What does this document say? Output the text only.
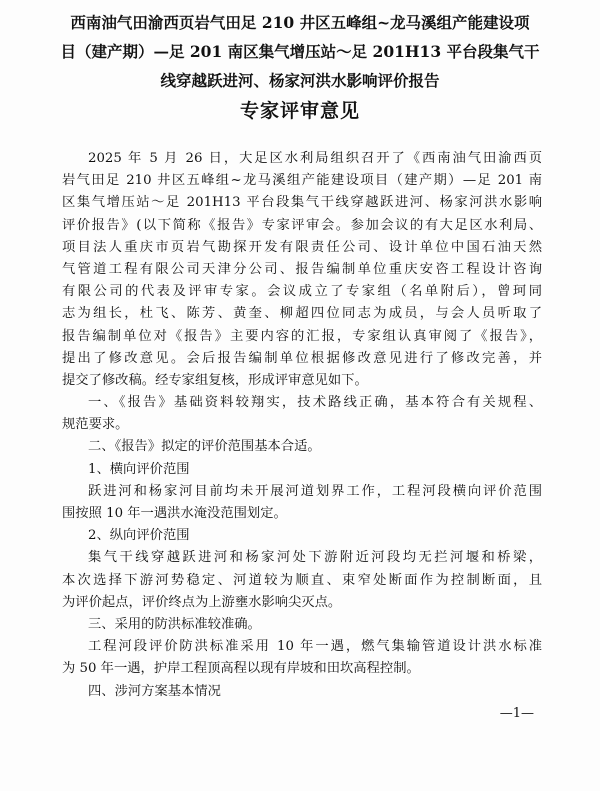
西南油气田渝西页岩气田足 210 井区五峰组~龙马溪组产能建设项
目（建产期）—足 201 南区集气增压站～足 201H13 平台段集气干
线穿越跃进河、杨家河洪水影响评价报告
专家评审意见
2025 年 5 月 26 日，大足区水利局组织召开了《西南油气田渝西页
岩气田足 210 井区五峰组~龙马溪组产能建设项目（建产期）—足 201 南
区集气增压站～足 201H13 平台段集气干线穿越跃进河、杨家河洪水影响
评价报告》(以下简称《报告》专家评审会。参加会议的有大足区水利局、
项目法人重庆市页岩气勘探开发有限责任公司、设计单位中国石油天然
气管道工程有限公司天津分公司、报告编制单位重庆安咨工程设计咨询
有限公司的代表及评审专家。会议成立了专家组（名单附后），曾珂同
志为组长，杜飞、陈芳、黄奎、柳超四位同志为成员，与会人员听取了
报告编制单位对《报告》主要内容的汇报，专家组认真审阅了《报告》，
提出了修改意见。会后报告编制单位根据修改意见进行了修改完善，并
提交了修改稿。经专家组复核，形成评审意见如下。
一、《报告》基础资料较翔实，技术路线正确，基本符合有关规程、
规范要求。
二、《报告》拟定的评价范围基本合适。
1、横向评价范围
跃进河和杨家河目前均未开展河道划界工作，工程河段横向评价范围
围按照 10 年一遇洪水淹没范围划定。
2、纵向评价范围
集气干线穿越跃进河和杨家河处下游附近河段均无拦河堰和桥梁，
本次选择下游河势稳定、河道较为顺直、束窄处断面作为控制断面，且
为评价起点，评价终点为上游壅水影响尖灭点。
三、采用的防洪标准较准确。
工程河段评价防洪标准采用 10 年一遇，燃气集输管道设计洪水标准
为 50 年一遇，护岸工程顶高程以现有岸坡和田坎高程控制。
四、涉河方案基本情况
—1—
